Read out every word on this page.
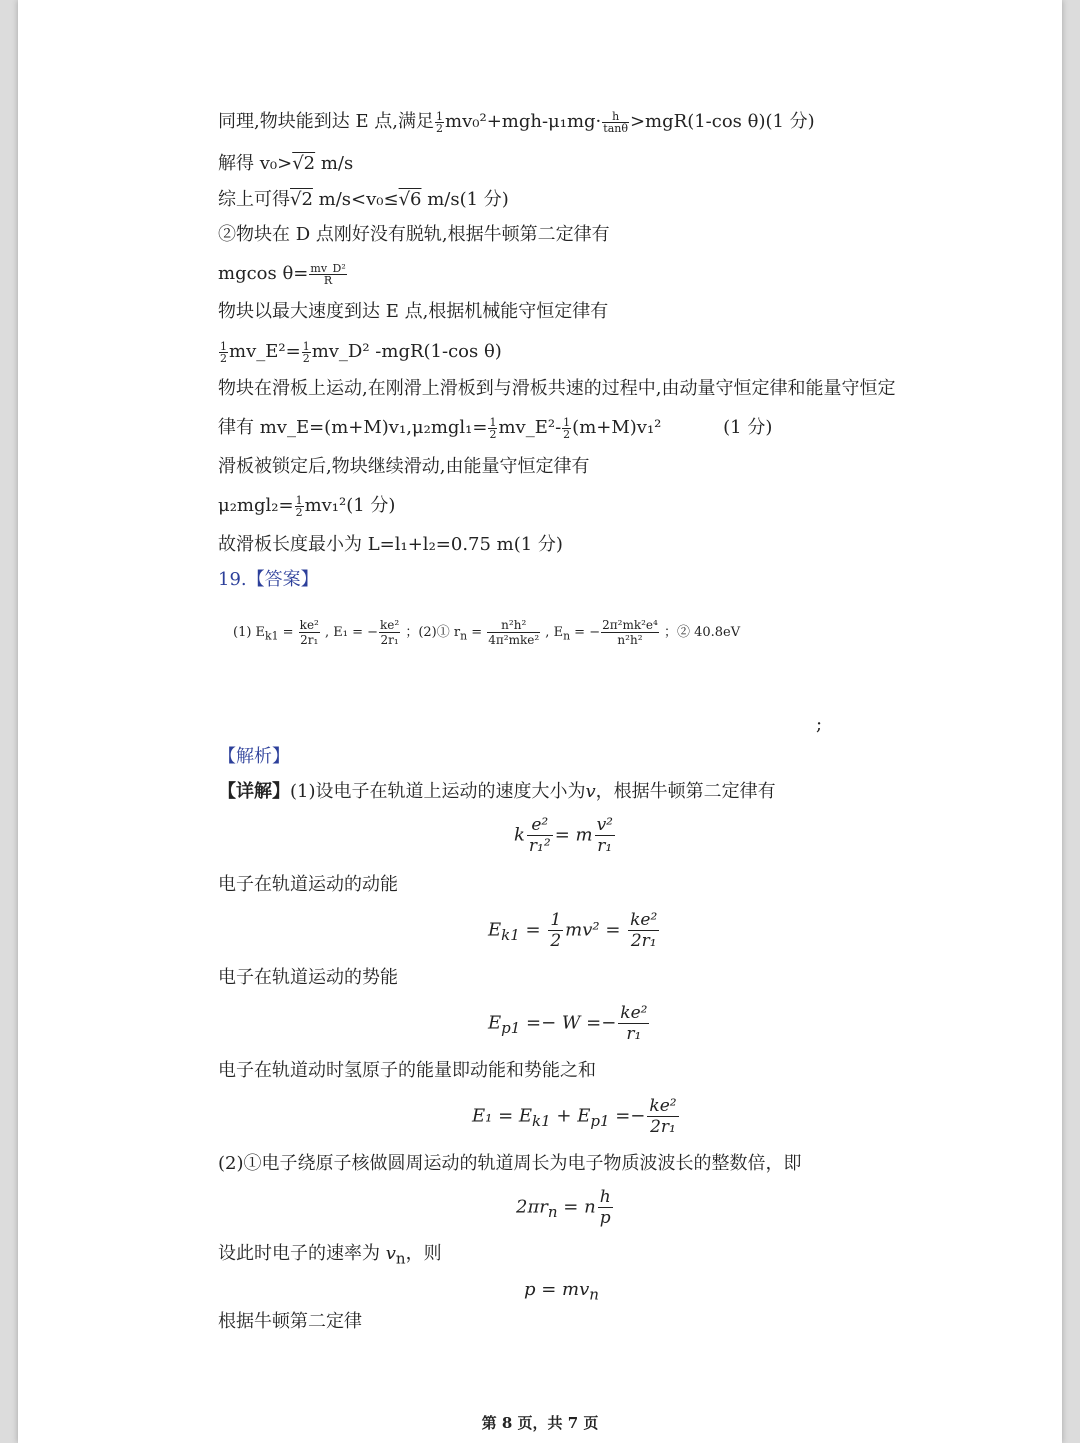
同理,物块能到达 E 点,满足 $\frac{1}{2} mv_0^2+mgh-\mu_1mg\cdot \frac{h}{\tan\theta} >mgR(1-\cos$ θ)(1 分)
解得 v₀>√2 m/s
综上可得√2 m/s<v₀≤√6 m/s(1 分)
②物块在 D 点刚好没有脱轨,根据牛顿第二定律有
mgcos $\theta= \frac{\text{mv\_D²}}{R}$
物块以最大速度到达 E 点,根据机械能守恒定律有
$\frac{1}{2}$ mv_E²= $\frac{1}{2}$ mv_D² -mgR(1-cos θ)
物块在滑板上运动,在刚滑上滑板到与滑板共速的过程中,由动量守恒定律和能量守恒定
律有 mv_E=(m+M)v₁,μ₂mgl₁= $\frac{1}{2}$ mv_E²- $\frac{1}{2} (m+M)v_1^2$	(1 分)
滑板被锁定后,物块继续滑动,由能量守恒定律有
$\mu_2mgl_2= \frac{1}{2} mv_1^2(1$ 分)
故滑板长度最小为 L=l₁+l₂=0.75 m(1 分)
19.【答案】
(1) $E_{k1} = \frac{\text{ke²}}{\text{2r₁}}$ , E₁ = − $\frac{\text{ke²}}{\text{2r₁}}$ ；(2)① $r_n = \frac{\text{n²h²}}{\text{4π²mke²}}$ , $E_n$ = − $\frac{\text{2π²mk²e⁴}}{\text{n²h²}}$ ；② 40.8eV
;
【解析】
【详解】(1)设电子在轨道上运动的速度大小为v，根据牛顿第二定律有
k $\frac{\text{e²}}{\text{r₁²}} = m \frac{\text{v²}}{\text{r₁}}$
电子在轨道运动的动能
$E_{k1} = \frac{1}{2} mv^2 = \frac{\text{ke²}}{\text{2r₁}}$
电子在轨道运动的势能
$E_{p1} =- W =- \frac{\text{ke²}}{\text{r₁}}$
电子在轨道动时氢原子的能量即动能和势能之和
$E_1 = E_{k1} + E_{p1} =- \frac{\text{ke²}}{\text{2r₁}}$
(2)①电子绕原子核做圆周运动的轨道周长为电子物质波波长的整数倍，即
$2\pi r_n = n \frac{h}{p}$
设此时电子的速率为 $v_n$，则
$p = mv_n$
根据牛顿第二定律
第 8 页，共 7 页
